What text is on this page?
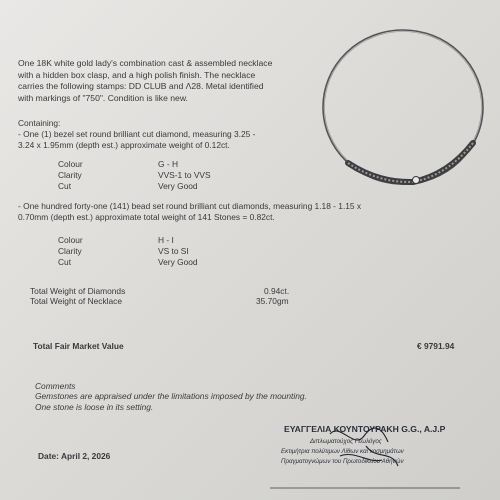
One 18K white gold lady's combination cast & assembled necklace
with a hidden box clasp, and a high polish finish. The necklace
carries the following stamps: DD CLUB and Λ28. Metal identified
with markings of "750". Condition is like new.
Containing:
- One (1) bezel set round brilliant cut diamond, measuring 3.25 -
3.24 x 1.95mm (depth est.) approximate weight of 0.12ct.
Colour	G - H
Clarity	VVS-1 to VVS
Cut	Very Good
- One hundred forty-one (141) bead set round brilliant cut diamonds, measuring 1.18 - 1.15 x
0.70mm (depth est.) approximate total weight of 141 Stones = 0.82ct.
Colour	H - I
Clarity	VS to SI
Cut	Very Good
Total Weight of Diamonds	0.94ct.
Total Weight of Necklace	35.70gm
Total Fair Market Value	€ 9791.94
Comments
Gemstones are appraised under the limitations imposed by the mounting.
One stone is loose in its setting.
Date: April 2, 2026
ΕΥΑΓΓΕΛΙΑ ΚΟΥΝΤΟΥΡΑΚΗ G.G., A.J.P
Διπλωματούχος Γεωλόγος
Εκτιμήτρια πολύτιμων Λίθων και κοσμημάτων
Πραγματογνώμων του Πρωτοδικείου Αθηνών
